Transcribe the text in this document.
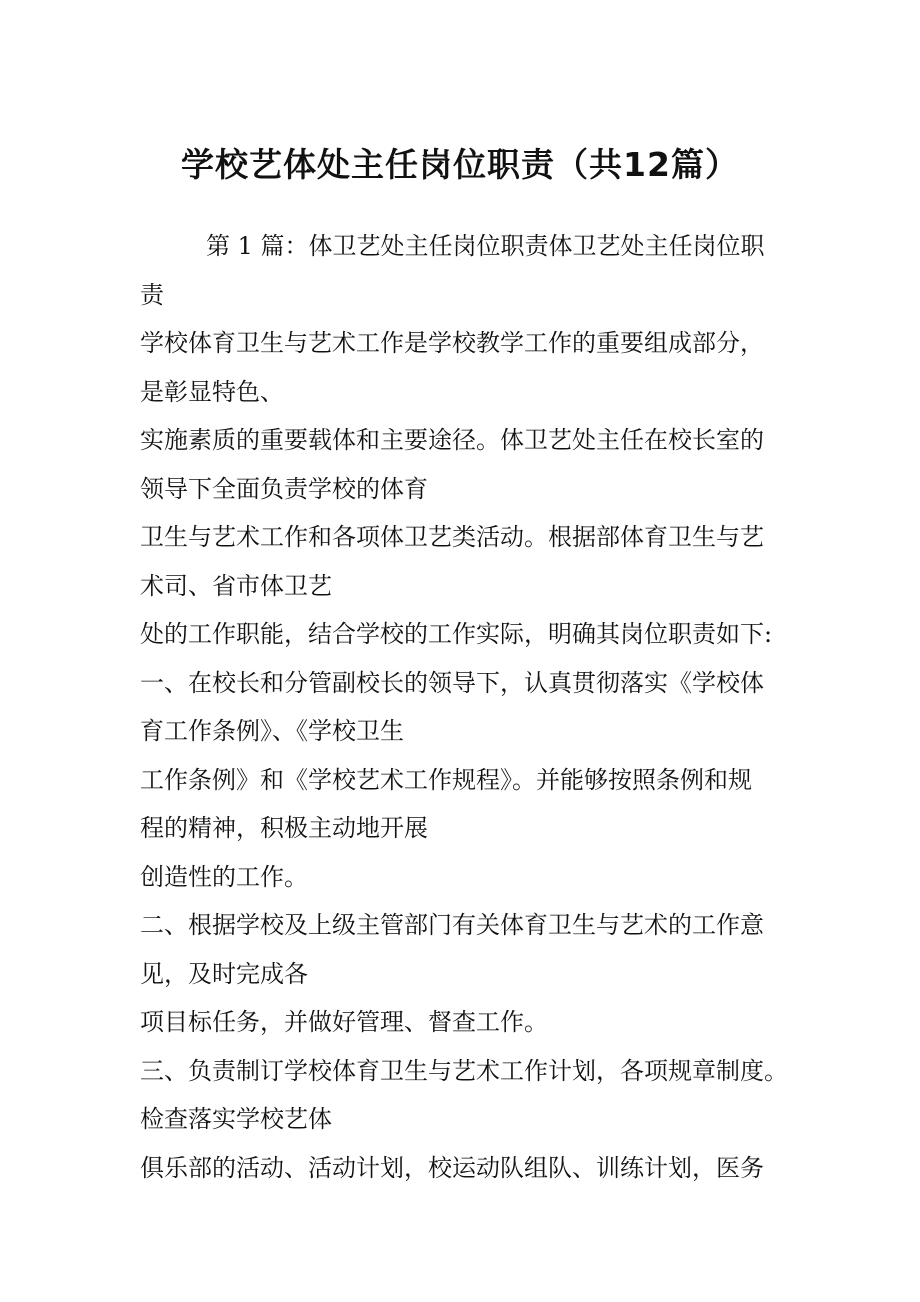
学校艺体处主任岗位职责（共12篇）
第 1 篇：体卫艺处主任岗位职责体卫艺处主任岗位职
责
学校体育卫生与艺术工作是学校教学工作的重要组成部分，
是彰显特色、
实施素质的重要载体和主要途径。体卫艺处主任在校长室的
领导下全面负责学校的体育
卫生与艺术工作和各项体卫艺类活动。根据部体育卫生与艺
术司、省市体卫艺
处的工作职能，结合学校的工作实际，明确其岗位职责如下:
一、在校长和分管副校长的领导下，认真贯彻落实《学校体
育工作条例》、《学校卫生
工作条例》和《学校艺术工作规程》。并能够按照条例和规
程的精神，积极主动地开展
创造性的工作。
二、根据学校及上级主管部门有关体育卫生与艺术的工作意
见，及时完成各
项目标任务，并做好管理、督查工作。
三、负责制订学校体育卫生与艺术工作计划，各项规章制度。
检查落实学校艺体
俱乐部的活动、活动计划，校运动队组队、训练计划，医务
